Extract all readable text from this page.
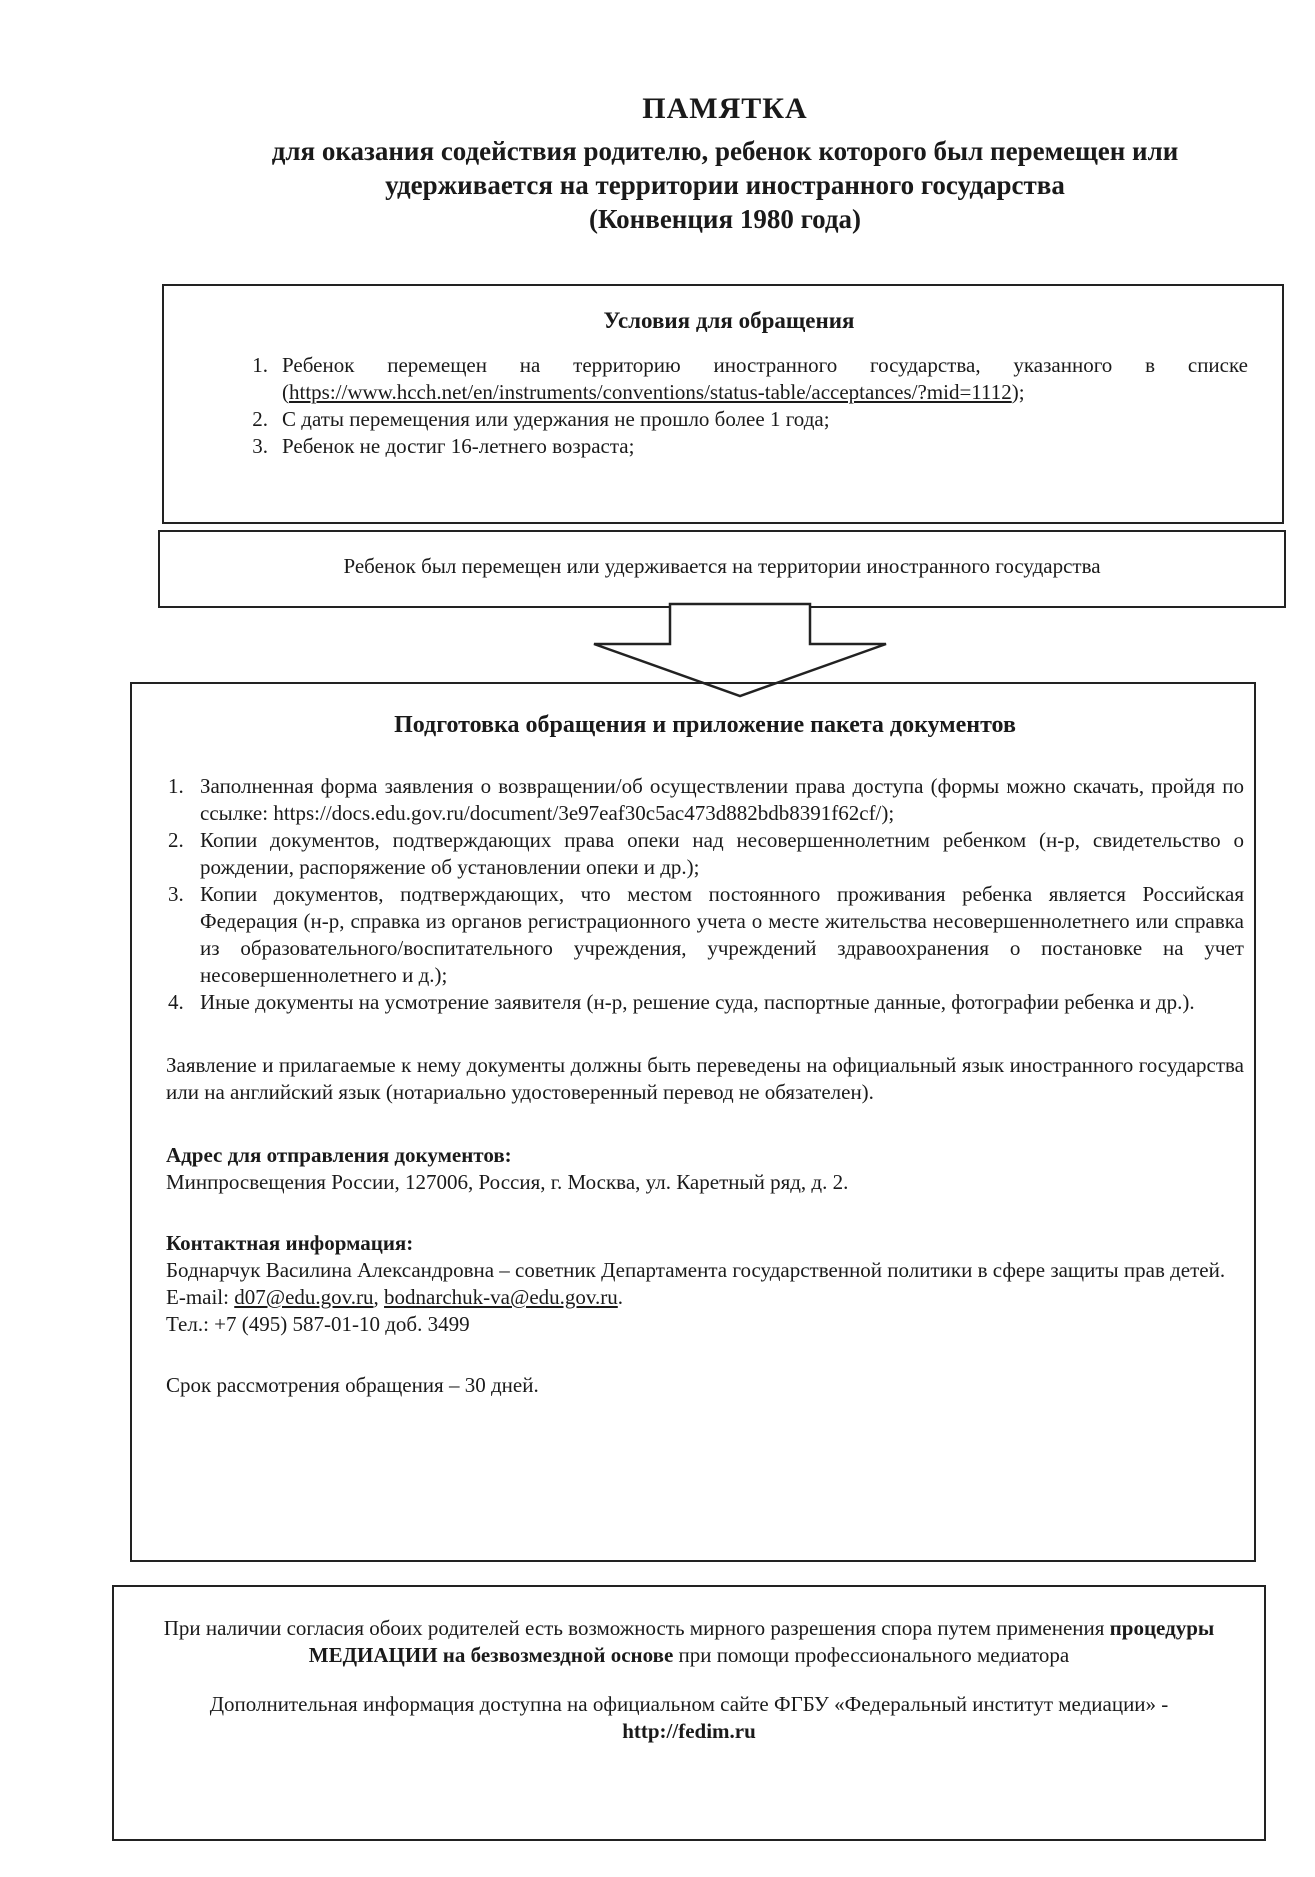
ПАМЯТКА
для оказания содействия родителю, ребенок которого был перемещен или
удерживается на территории иностранного государства
(Конвенция 1980 года)
Условия для обращения
1. Ребенок перемещен на территорию иностранного государства, указанного в списке (https://www.hcch.net/en/instruments/conventions/status-table/acceptances/?mid=1112);
2. С даты перемещения или удержания не прошло более 1 года;
3. Ребенок не достиг 16-летнего возраста;
Ребенок был перемещен или удерживается на территории иностранного государства
Подготовка обращения и приложение пакета документов
1. Заполненная форма заявления о возвращении/об осуществлении права доступа (формы можно скачать, пройдя по ссылке: https://docs.edu.gov.ru/document/3e97eaf30c5ac473d882bdb8391f62cf/);
2. Копии документов, подтверждающих права опеки над несовершеннолетним ребенком (н-р, свидетельство о рождении, распоряжение об установлении опеки и др.);
3. Копии документов, подтверждающих, что местом постоянного проживания ребенка является Российская Федерация (н-р, справка из органов регистрационного учета о месте жительства несовершеннолетнего или справка из образовательного/воспитательного учреждения, учреждений здравоохранения о постановке на учет несовершеннолетнего и д.);
4. Иные документы на усмотрение заявителя (н-р, решение суда, паспортные данные, фотографии ребенка и др.).
Заявление и прилагаемые к нему документы должны быть переведены на официальный язык иностранного государства или на английский язык (нотариально удостоверенный перевод не обязателен).
Адрес для отправления документов:
Минпросвещения России, 127006, Россия, г. Москва, ул. Каретный ряд, д. 2.
Контактная информация:
Боднарчук Василина Александровна – советник Департамента государственной политики в сфере защиты прав детей.
E-mail: d07@edu.gov.ru, bodnarchuk-va@edu.gov.ru.
Тел.: +7 (495) 587-01-10 доб. 3499
Срок рассмотрения обращения – 30 дней.
При наличии согласия обоих родителей есть возможность мирного разрешения спора путем применения процедуры МЕДИАЦИИ на безвозмездной основе при помощи профессионального медиатора
Дополнительная информация доступна на официальном сайте ФГБУ «Федеральный институт медиации» - http://fedim.ru
